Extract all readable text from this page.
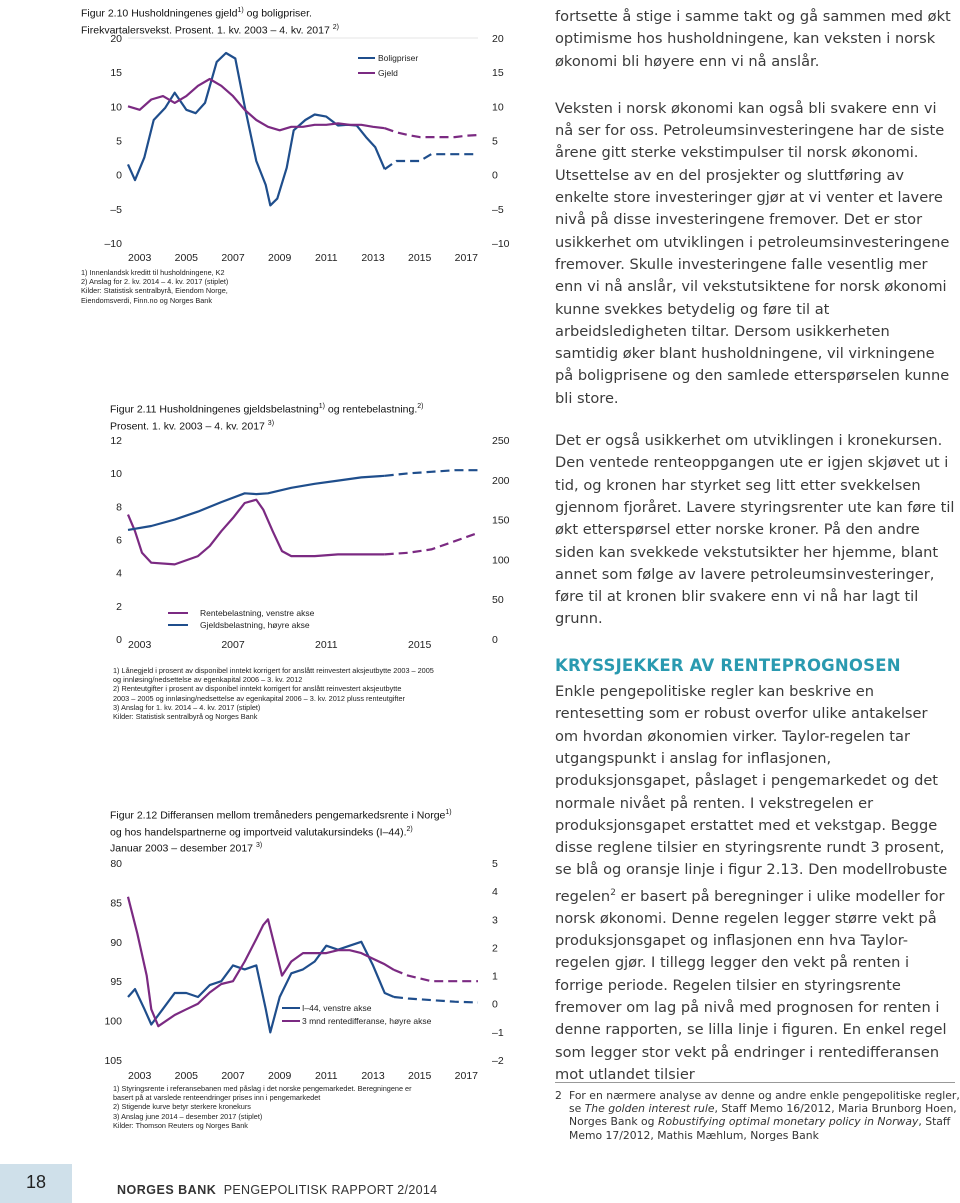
Figur 2.10 Husholdningenes gjeld$^{1)}$ og boligpriser.
Firekvartalersvekst. Prosent. 1. kv. 2003 – 4. kv. 2017 $^{2)}$
20
15
10
5
0
–5
–10
20
15
10
5
0
–5
–10
2003 2005 2007 2009 2011 2013 2015 2017
Boligpriser
Gjeld
1) Innenlandsk kreditt til husholdningene, K2
2) Anslag for 2. kv. 2014 – 4. kv. 2017 (stiplet)
Kilder: Statistisk sentralbyrå, Eiendom Norge,
Eiendomsverdi, Finn.no og Norges Bank
Figur 2.11 Husholdningenes gjeldsbelastning$^{1)}$ og rentebelastning.$^{2)}$
Prosent. 1. kv. 2003 – 4. kv. 2017 $^{3)}$
12
10
8
6
4
2
0
250
200
150
100
50
0
2003	2007	2011	2015
Rentebelastning, venstre akse
Gjeldsbelastning, høyre akse
1) Lånegjeld i prosent av disponibel inntekt korrigert for anslått reinvestert aksjeutbytte 2003 – 2005
og innløsing/nedsettelse av egenkapital 2006 – 3. kv. 2012
2) Renteutgifter i prosent av disponibel inntekt korrigert for anslått reinvestert aksjeutbytte
2003 – 2005 og innløsing/nedsettelse av egenkapital 2006 – 3. kv. 2012 pluss renteutgifter
3) Anslag for 1. kv. 2014 – 4. kv. 2017 (stiplet)
Kilder: Statistisk sentralbyrå og Norges Bank
Figur 2.12 Differansen mellom tremåneders pengemarkedsrente i Norge$^{1)}$
og hos handelspartnerne og importveid valutakursindeks (I–44).$^{2)}$
Januar 2003 – desember 2017 $^{3)}$
80
85
90
95
100
105
5
4
3
2
1
0
–1
–2
2003 2005 2007 2009 2011 2013 2015 2017
I–44, venstre akse
3 mnd rentedifferanse, høyre akse
1) Styringsrente i referansebanen med påslag i det norske pengemarkedet. Beregningene er
basert på at varslede renteendringer prises inn i pengemarkedet
2) Stigende kurve betyr sterkere kronekurs
3) Anslag june 2014 – desember 2017 (stiplet)
Kilder: Thomson Reuters og Norges Bank

fortsette å stige i samme takt og gå sammen med økt optimisme hos husholdningene, kan veksten i norsk økonomi bli høyere enn vi nå anslår.

Veksten i norsk økonomi kan også bli svakere enn vi nå ser for oss. Petroleumsinvesteringene har de siste årene gitt sterke vekstimpulser til norsk økonomi. Utsettelse av en del prosjekter og sluttføring av enkelte store investeringer gjør at vi venter et lavere nivå på disse investeringene fremover. Det er stor usikkerhet om utviklingen i petroleumsinvesteringene fremover. Skulle investeringene falle vesentlig mer enn vi nå anslår, vil vekstutsiktene for norsk økonomi kunne svekkes betydelig og føre til at arbeidsledigheten tiltar. Dersom usikkerheten samtidig øker blant husholdningene, vil virkningene på boligprisene og den samlede etterspørselen kunne bli store.

Det er også usikkerhet om utviklingen i kronekursen. Den ventede renteoppgangen ute er igjen skjøvet ut i tid, og kronen har styrket seg litt etter svekkelsen gjennom fjoråret. Lavere styringsrenter ute kan føre til økt etterspørsel etter norske kroner. På den andre siden kan svekkede vekstutsikter her hjemme, blant annet som følge av lavere petroleumsinvesteringer, føre til at kronen blir svakere enn vi nå har lagt til grunn.

KRYSSJEKKER AV RENTEPROGNOSEN

Enkle pengepolitiske regler kan beskrive en rentesetting som er robust overfor ulike antakelser om hvordan økonomien virker. Taylor-regelen tar utgangspunkt i anslag for inflasjonen, produksjonsgapet, påslaget i pengemarkedet og det normale nivået på renten. I vekstregelen er produksjonsgapet erstattet med et vekstgap. Begge disse reglene tilsier en styringsrente rundt 3 prosent, se blå og oransje linje i figur 2.13. Den modellrobuste regelen$^2$ er basert på beregninger i ulike modeller for norsk økonomi. Denne regelen legger større vekt på produksjonsgapet og inflasjonen enn hva Taylor-regelen gjør. I tillegg legger den vekt på renten i forrige periode. Regelen tilsier en styringsrente fremover om lag på nivå med prognosen for renten i denne rapporten, se lilla linje i figuren. En enkel regel som legger stor vekt på endringer i rentedifferansen mot utlandet tilsier

2 For en nærmere analyse av denne og andre enkle pengepolitiske regler,
se The golden interest rule, Staff Memo 16/2012, Maria Brunborg Hoen,
Norges Bank og Robustifying optimal monetary policy in Norway, Staff
Memo 17/2012, Mathis Mæhlum, Norges Bank
18	NORGES BANK PENGEPOLITISK RAPPORT 2/2014
